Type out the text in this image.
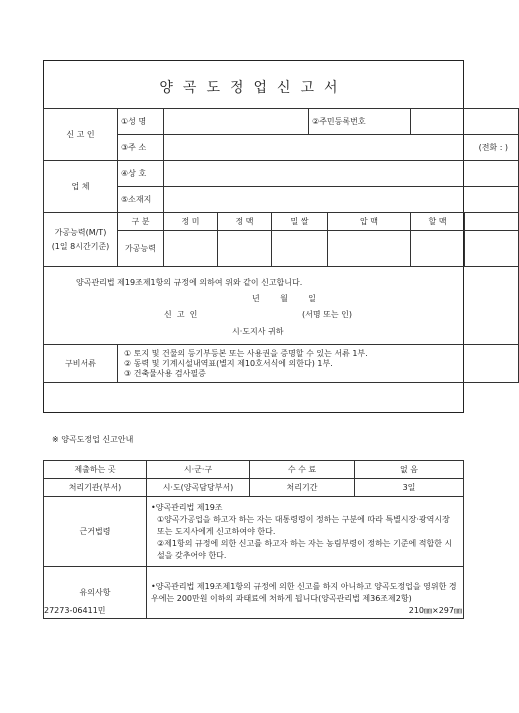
양곡도정업신고서
신 고 인	①성 명				②주민등록번호			
	③주 소	(전화 : )						
업 체	④상 호							
	⑤소재지							

가공능력(M/T)
(1일 8시간기준)	구 분	정 미	정 맥	밀 쌀		압 맥	할 맥	
	가공능력							

양곡관리법 제19조제1항의 규정에 의하여 위와 같이 신고합니다.
년        월        일
신  고  인 (서명 또는 인)
시·도지사 귀하								

구비서류	① 토지 및 건물의 등기부등본 또는 사용권을 증명할 수 있는 서류 1부.
② 동력 및 기계시설내역표(별지 제10호서식에 의한다) 1부.
③ 건축물사용 검사필증							
※ 양곡도정업 신고안내
제출하는 곳	시·군·구	수 수 료	없 음
처리기관(부서)	시·도(양곡담당부서)	처리기간	3일
근거법령	•양곡관리법 제19조
①양곡가공업을 하고자 하는 자는 대통령령이 정하는 구분에 따라 특별시장·광역시장 또는 도지사에게 신고하여야 한다.
②제1항의 규정에 의한 신고를 하고자 하는 자는 농림부령이 정하는 기준에 적합한 시설을 갖추어야 한다.		

유의사항	•양곡관리법 제19조제1항의 규정에 의한 신고를 하지 아니하고 양곡도정업을 영위한 경우에는 200만원 이하의 과태료에 처하게 됩니다(양곡관리법 제36조제2항)		
27273-06411민	210㎜×297㎜
